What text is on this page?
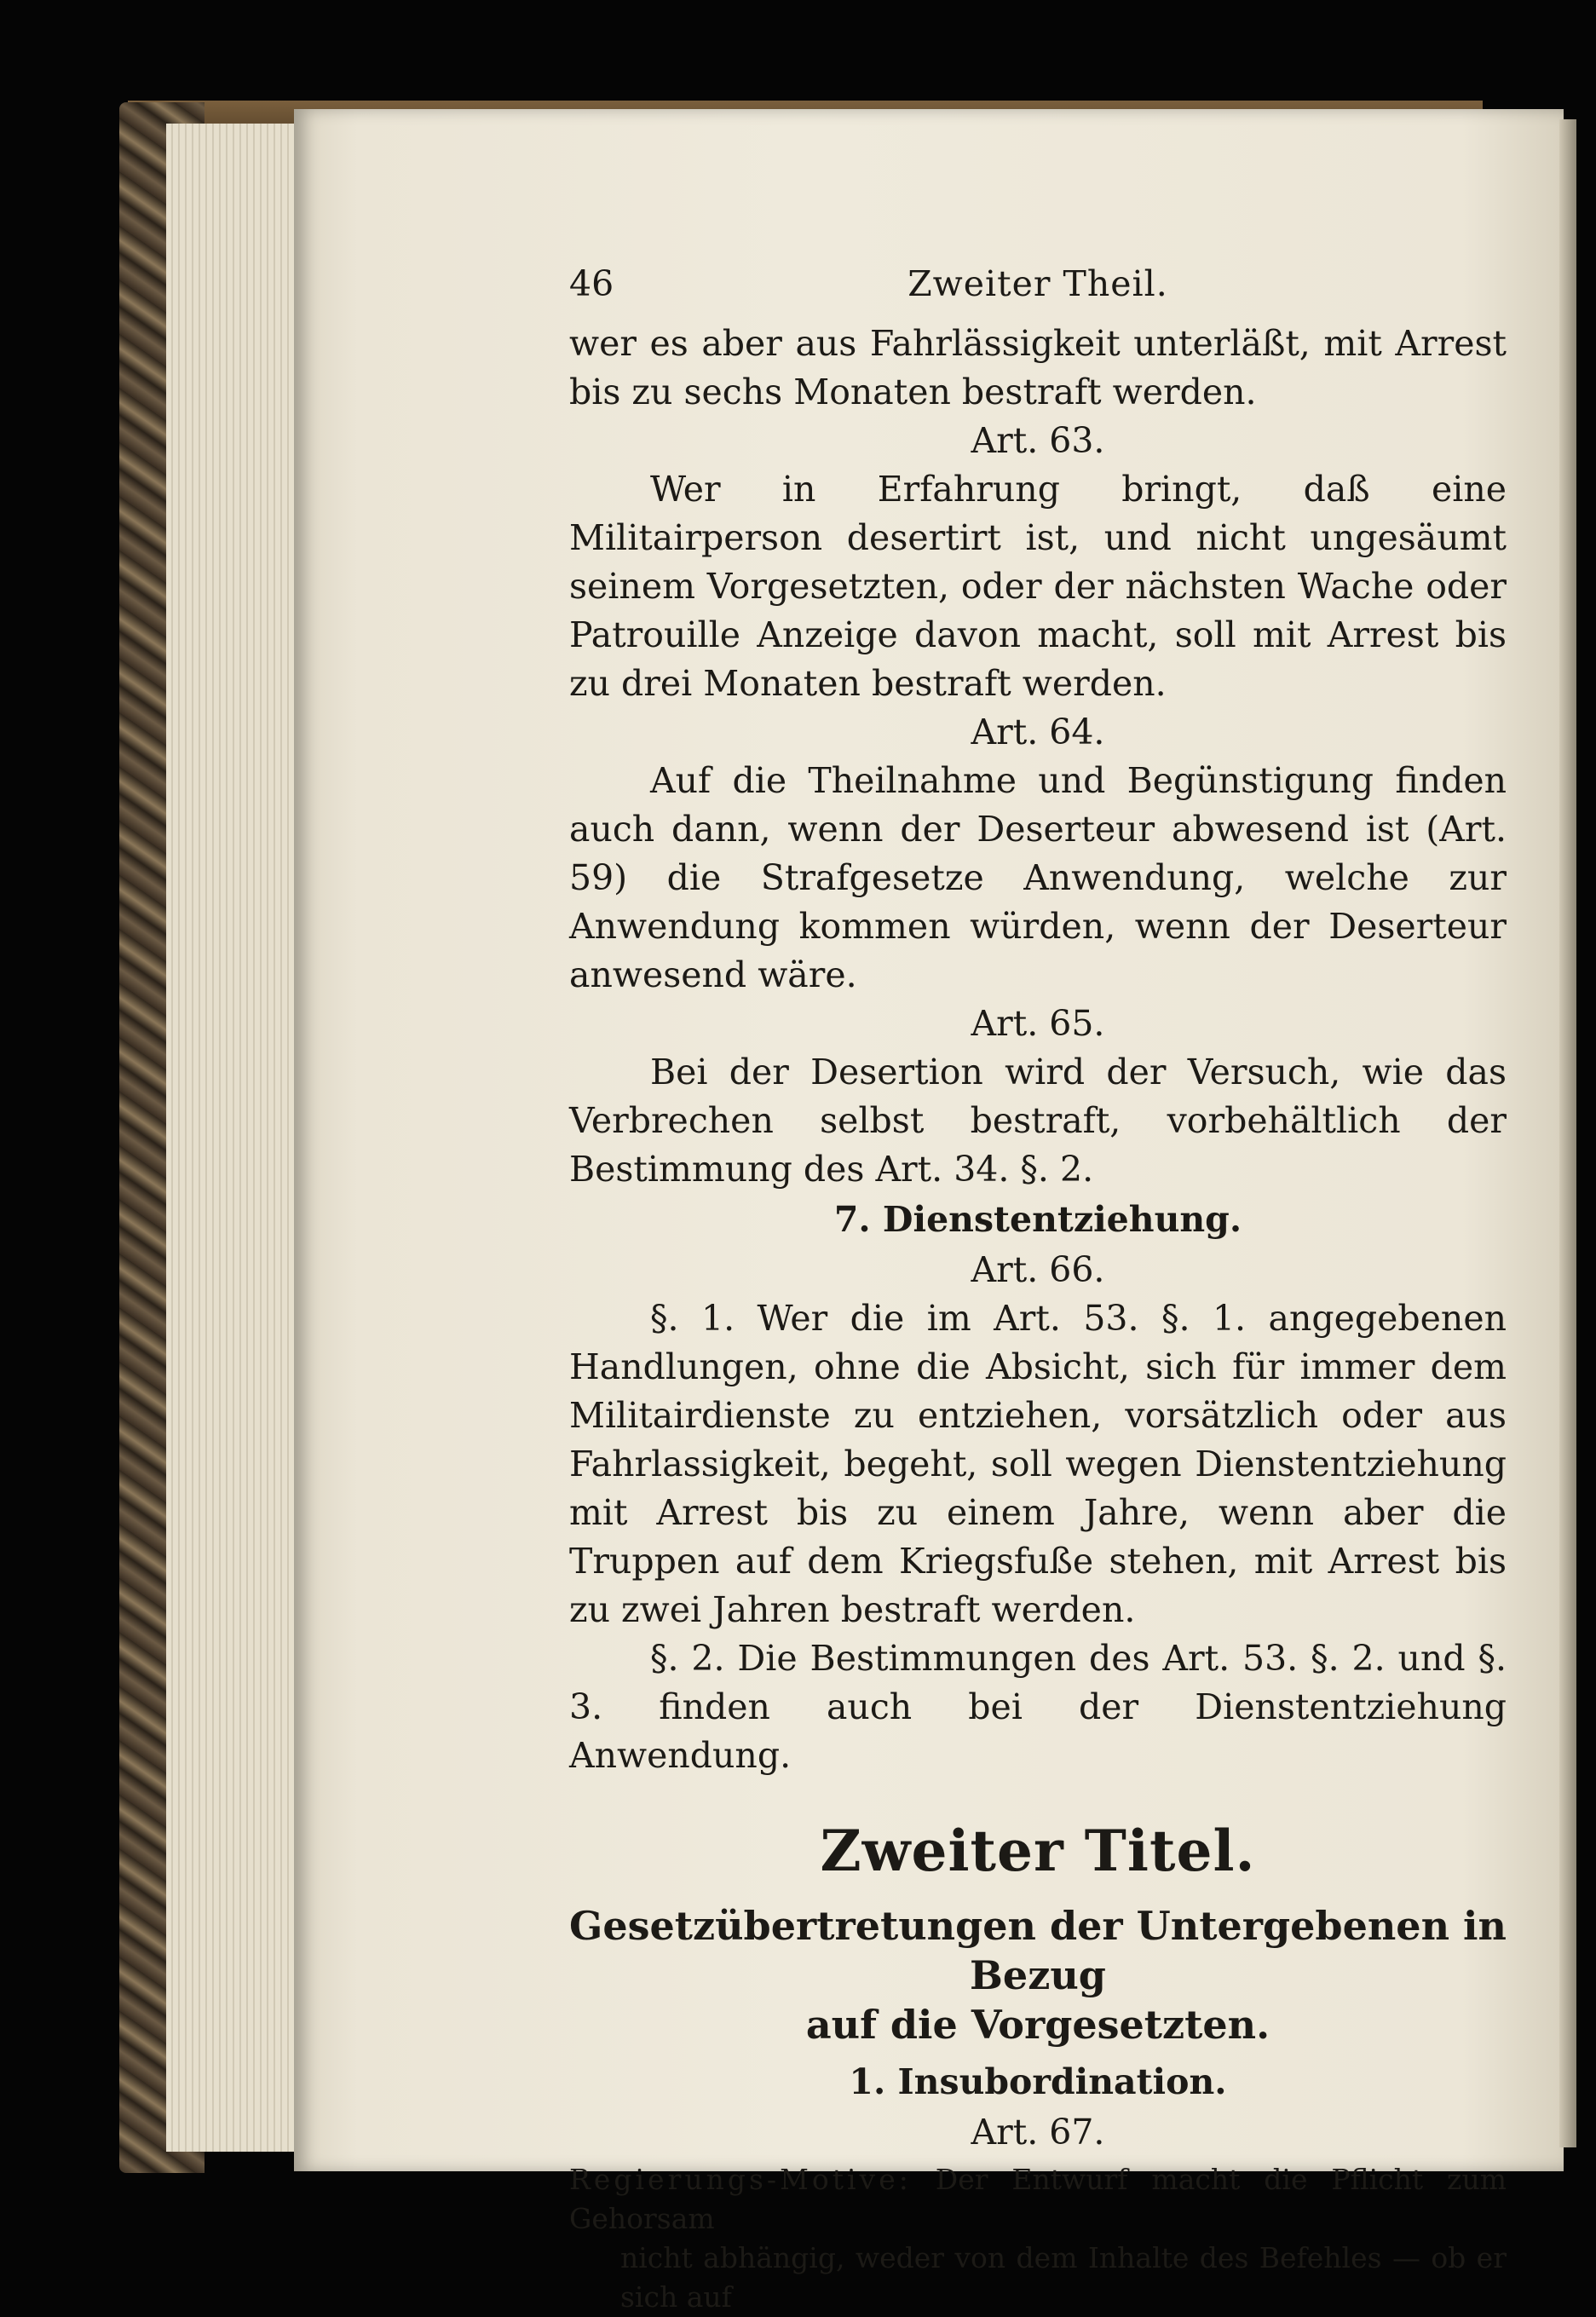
46	Zweiter Theil.

wer es aber aus Fahrlässigkeit unterläßt, mit Arrest bis zu sechs Monaten bestraft werden.

Art. 63.

Wer in Erfahrung bringt, daß eine Militairperson desertirt ist, und nicht ungesäumt seinem Vorgesetzten, oder der nächsten Wache oder Patrouille Anzeige davon macht, soll mit Arrest bis zu drei Monaten bestraft werden.

Art. 64.

Auf die Theilnahme und Begünstigung finden auch dann, wenn der Deserteur abwesend ist (Art. 59) die Strafgesetze Anwendung, welche zur Anwendung kommen würden, wenn der Deserteur anwesend wäre.

Art. 65.

Bei der Desertion wird der Versuch, wie das Verbrechen selbst bestraft, vorbehältlich der Bestimmung des Art. 34. §. 2.

7. Dienstentziehung.
Art. 66.

§. 1. Wer die im Art. 53. §. 1. angegebenen Handlungen, ohne die Absicht, sich für immer dem Militairdienste zu entziehen, vorsätzlich oder aus Fahrlassigkeit, begeht, soll wegen Dienstentziehung mit Arrest bis zu einem Jahre, wenn aber die Truppen auf dem Kriegsfuße stehen, mit Arrest bis zu zwei Jahren bestraft werden.

§. 2. Die Bestimmungen des Art. 53. §. 2. und §. 3. finden auch bei der Dienstentziehung Anwendung.

Zweiter Titel.
Gesetzübertretungen der Untergebenen in Bezug
auf die Vorgesetzten.
1. Insubordination.
Art. 67.
Regierungs-Motive: Der Entwurf macht die Pflicht zum Gehorsam
nicht abhängig, weder von dem Inhalte des Befehles — ob er sich auf
